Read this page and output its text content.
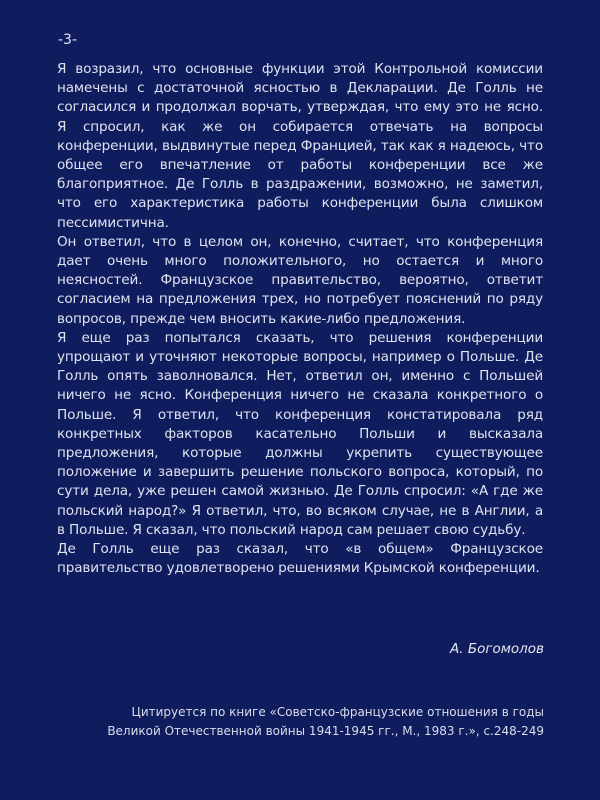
-3-

Я возразил, что основные функции этой Контрольной комиссии намечены с достаточной ясностью в Декларации. Де Голль не согласился и продолжал ворчать, утверждая, что ему это не ясно. Я спросил, как же он собирается отвечать на вопросы конференции, выдвинутые перед Францией, так как я надеюсь, что общее его впечатление от работы конференции все же благоприятное. Де Голль в раздражении, возможно, не заметил, что его характеристика работы конференции была слишком пессимистична.

Он ответил, что в целом он, конечно, считает, что конференция дает очень много положительного, но остается и много неясностей. Французское правительство, вероятно, ответит согласием на предложения трех, но потребует пояснений по ряду вопросов, прежде чем вносить какие-либо предложения.

Я еще раз попытался сказать, что решения конференции упрощают и уточняют некоторые вопросы, например о Польше. Де Голль опять заволновался. Нет, ответил он, именно с Польшей ничего не ясно. Конференция ничего не сказала конкретного о Польше. Я ответил, что конференция констатировала ряд конкретных факторов касательно Польши и высказала предложения, которые должны укрепить существующее положение и завершить решение польского вопроса, который, по сути дела, уже решен самой жизнью. Де Голль спросил: «А где же польский народ?» Я ответил, что, во всяком случае, не в Англии, а в Польше. Я сказал, что польский народ сам решает свою судьбу.

Де Голль еще раз сказал, что «в общем» Французское правительство удовлетворено решениями Крымской конференции.

А. Богомолов
Цитируется по книге «Советско-французские отношения в годы
Великой Отечественной войны 1941-1945 гг., М., 1983 г.», с.248-249
